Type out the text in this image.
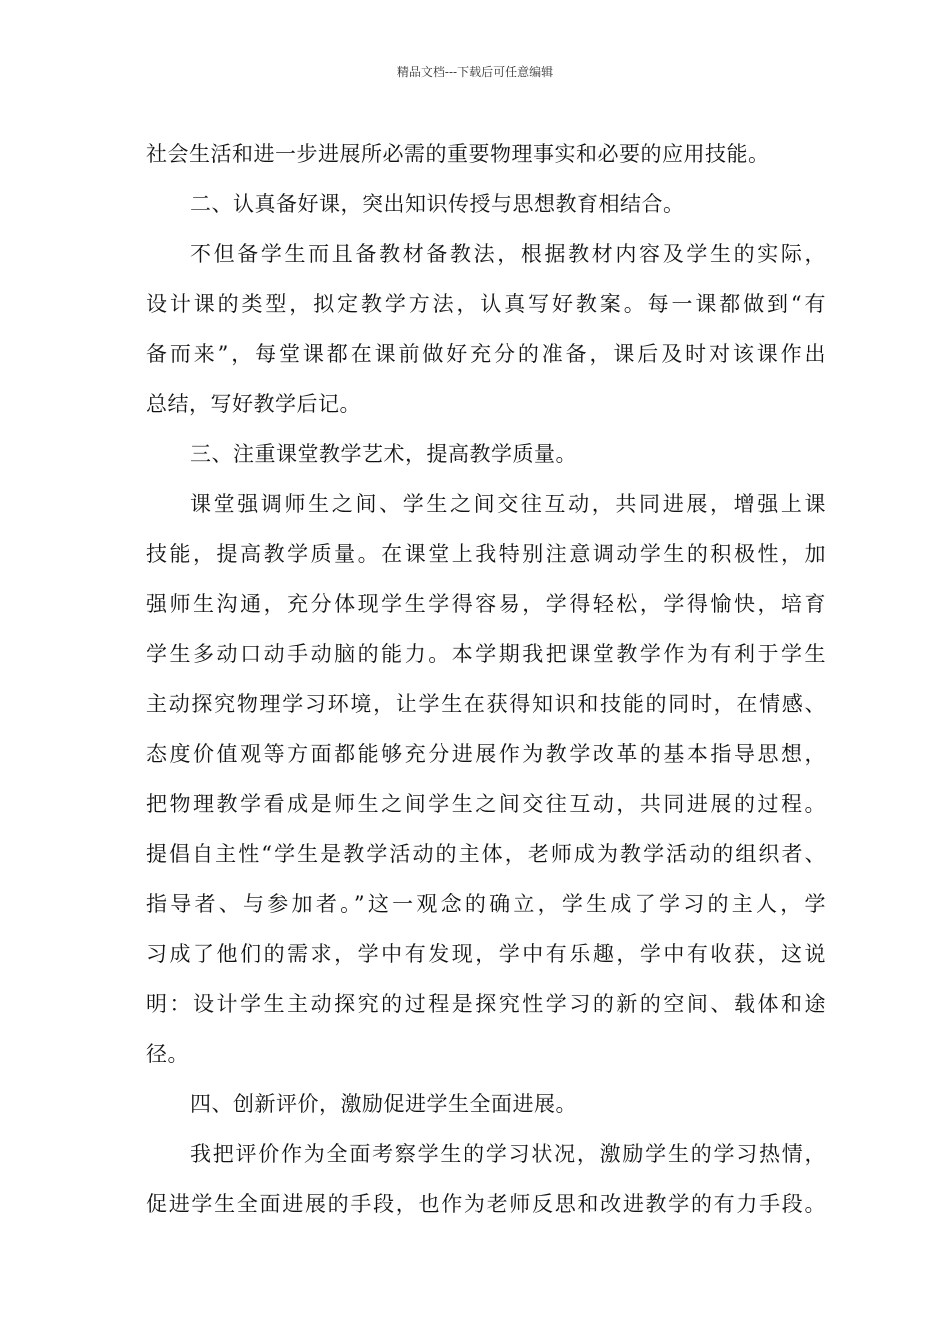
精品文档---下载后可任意编辑
社会生活和进一步进展所必需的重要物理事实和必要的应用技能。
二、认真备好课，突出知识传授与思想教育相结合。
不但备学生而且备教材备教法，根据教材内容及学生的实际，
设计课的类型，拟定教学方法，认真写好教案。每一课都做到“有
备而来”，每堂课都在课前做好充分的准备，课后及时对该课作出
总结，写好教学后记。
三、注重课堂教学艺术，提高教学质量。
课堂强调师生之间、学生之间交往互动，共同进展，增强上课
技能，提高教学质量。在课堂上我特别注意调动学生的积极性，加
强师生沟通，充分体现学生学得容易，学得轻松，学得愉快，培育
学生多动口动手动脑的能力。本学期我把课堂教学作为有利于学生
主动探究物理学习环境，让学生在获得知识和技能的同时，在情感、
态度价值观等方面都能够充分进展作为教学改革的基本指导思想，
把物理教学看成是师生之间学生之间交往互动，共同进展的过程。
提倡自主性“学生是教学活动的主体，老师成为教学活动的组织者、
指导者、与参加者。”这一观念的确立，学生成了学习的主人，学
习成了他们的需求，学中有发现，学中有乐趣，学中有收获，这说
明：设计学生主动探究的过程是探究性学习的新的空间、载体和途
径。
四、创新评价，激励促进学生全面进展。
我把评价作为全面考察学生的学习状况，激励学生的学习热情，
促进学生全面进展的手段，也作为老师反思和改进教学的有力手段。
